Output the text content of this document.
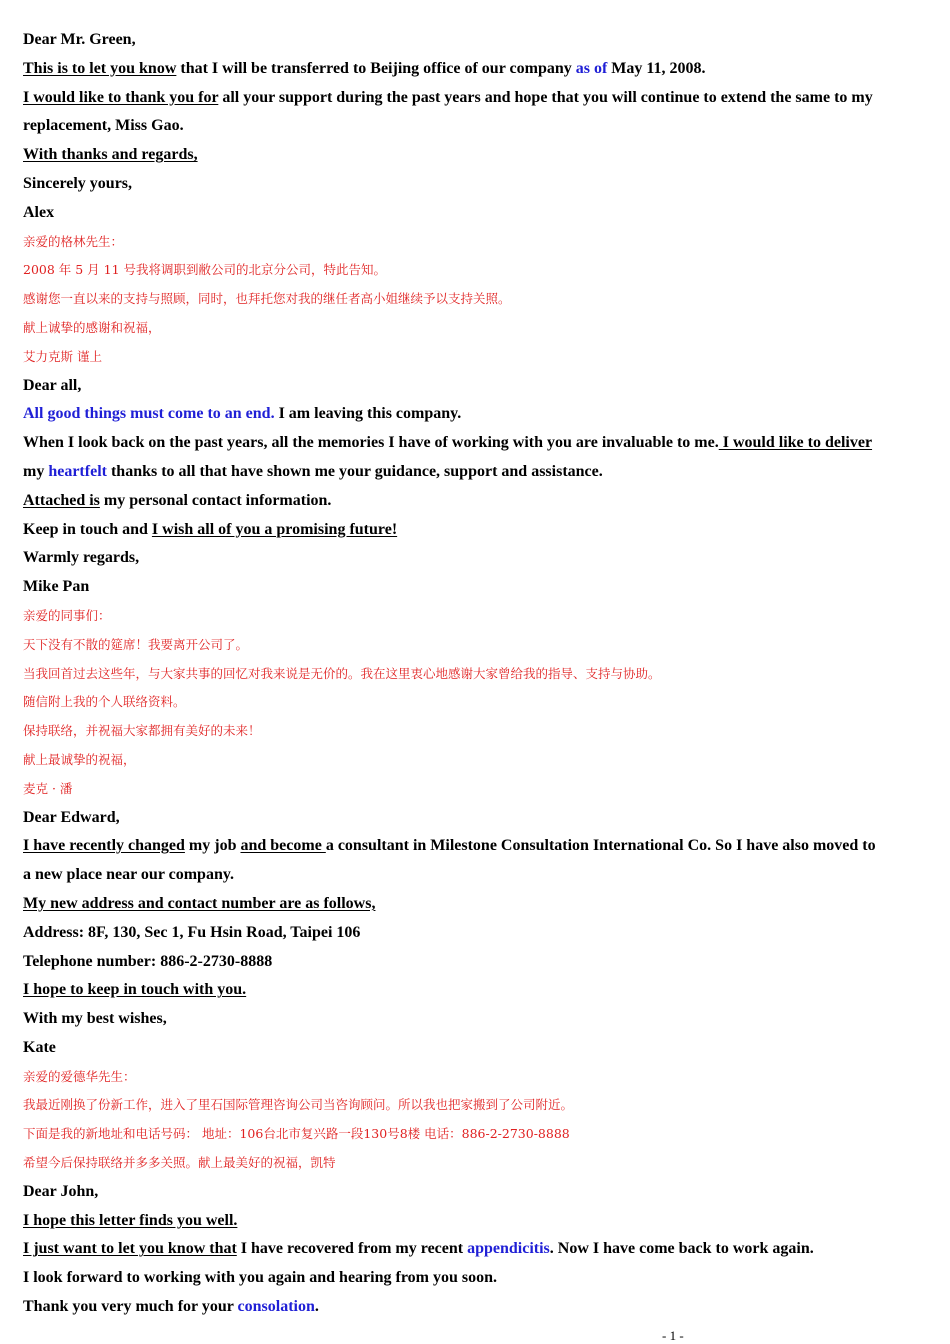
Dear Mr. Green,
This is to let you know that I will be transferred to Beijing office of our company as of May 11, 2008.
I would like to thank you for all your support during the past years and hope that you will continue to extend the same to my
replacement, Miss Gao.
With thanks and regards,
Sincerely yours,
Alex
亲爱的格林先生：
2008 年 5 月 11 号我将调职到敝公司的北京分公司，特此告知。
感谢您一直以来的支持与照顾，同时，也拜托您对我的继任者高小姐继续予以支持关照。
献上诚挚的感谢和祝福，
艾力克斯 谨上
Dear all,
All good things must come to an end. I am leaving this company.
When I look back on the past years, all the memories I have of working with you are invaluable to me. I would like to deliver
my heartfelt thanks to all that have shown me your guidance, support and assistance.
Attached is my personal contact information.
Keep in touch and I wish all of you a promising future!
Warmly regards,
Mike Pan
亲爱的同事们：
天下没有不散的筵席！我要离开公司了。
当我回首过去这些年，与大家共事的回忆对我来说是无价的。我在这里衷心地感谢大家曾给我的指导、支持与协助。
随信附上我的个人联络资料。
保持联络，并祝福大家都拥有美好的未来！
献上最诚挚的祝福，
麦克 · 潘
Dear Edward,
I have recently changed my job and become a consultant in Milestone Consultation International Co. So I have also moved to
a new place near our company.
My new address and contact number are as follows,
Address: 8F, 130, Sec 1, Fu Hsin Road, Taipei 106
Telephone number: 886-2-2730-8888
I hope to keep in touch with you.
With my best wishes,
Kate
亲爱的爱德华先生：
我最近刚换了份新工作，进入了里石国际管理咨询公司当咨询顾问。所以我也把家搬到了公司附近。
下面是我的新地址和电话号码： 地址：106台北市复兴路一段130号8楼 电话：886-2-2730-8888
希望今后保持联络并多多关照。献上最美好的祝福，凯特
Dear John,
I hope this letter finds you well.
I just want to let you know that I have recovered from my recent appendicitis. Now I have come back to work again.
I look forward to working with you again and hearing from you soon.
Thank you very much for your consolation.
- 1 -
